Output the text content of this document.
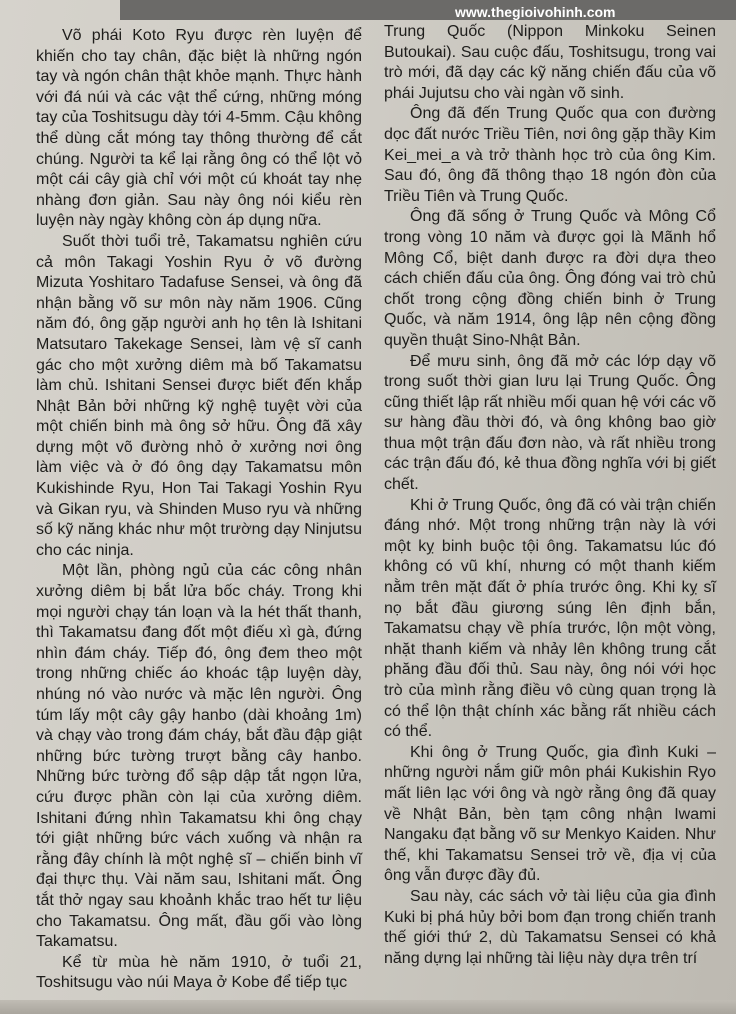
www.thegioivohinh.com

Võ phái Koto Ryu được rèn luyện để khiến cho tay chân, đặc biệt là những ngón tay và ngón chân thật khỏe mạnh. Thực hành với đá núi và các vật thể cứng, những móng tay của Toshitsugu dày tới 4-5mm. Cậu không thể dùng cắt móng tay thông thường để cắt chúng. Người ta kể lại rằng ông có thể lột vỏ một cái cây già chỉ với một cú khoát tay nhẹ nhàng đơn giản. Sau này ông nói kiểu rèn luyện này ngày không còn áp dụng nữa.

Suốt thời tuổi trẻ, Takamatsu nghiên cứu cả môn Takagi Yoshin Ryu ở võ đường Mizuta Yoshitaro Tadafuse Sensei, và ông đã nhận bằng võ sư môn này năm 1906. Cũng năm đó, ông gặp người anh họ tên là Ishitani Matsutaro Takekage Sensei, làm vệ sĩ canh gác cho một xưởng diêm mà bố Takamatsu làm chủ. Ishitani Sensei được biết đến khắp Nhật Bản bởi những kỹ nghệ tuyệt vời của một chiến binh mà ông sở hữu. Ông đã xây dựng một võ đường nhỏ ở xưởng nơi ông làm việc và ở đó ông dạy Takamatsu môn Kukishinde Ryu, Hon Tai Takagi Yoshin Ryu và Gikan ryu, và Shinden Muso ryu và những số kỹ năng khác như một trường dạy Ninjutsu cho các ninja.

Một lần, phòng ngủ của các công nhân xưởng diêm bị bắt lửa bốc cháy. Trong khi mọi người chạy tán loạn và la hét thất thanh, thì Takamatsu đang đốt một điếu xì gà, đứng nhìn đám cháy. Tiếp đó, ông đem theo một trong những chiếc áo khoác tập luyện dày, nhúng nó vào nước và mặc lên người. Ông túm lấy một cây gậy hanbo (dài khoảng 1m) và chạy vào trong đám cháy, bắt đầu đập giật những bức tường trượt bằng cây hanbo. Những bức tường đổ sập dập tắt ngọn lửa, cứu được phần còn lại của xưởng diêm. Ishitani đứng nhìn Takamatsu khi ông chạy tới giật những bức vách xuống và nhận ra rằng đây chính là một nghệ sĩ – chiến binh vĩ đại thực thụ. Vài năm sau, Ishitani mất. Ông tắt thở ngay sau khoảnh khắc trao hết tư liệu cho Takamatsu. Ông mất, đầu gối vào lòng Takamatsu.

Kể từ mùa hè năm 1910, ở tuổi 21, Toshitsugu vào núi Maya ở Kobe để tiếp tục

Trung Quốc (Nippon Minkoku Seinen Butoukai). Sau cuộc đấu, Toshitsugu, trong vai trò mới, đã dạy các kỹ năng chiến đấu của võ phái Jujutsu cho vài ngàn võ sinh.

Ông đã đến Trung Quốc qua con đường dọc đất nước Triều Tiên, nơi ông gặp thầy Kim Kei_mei_a và trở thành học trò của ông Kim. Sau đó, ông đã thông thạo 18 ngón đòn của Triều Tiên và Trung Quốc.

Ông đã sống ở Trung Quốc và Mông Cổ trong vòng 10 năm và được gọi là Mãnh hổ Mông Cổ, biệt danh được ra đời dựa theo cách chiến đấu của ông. Ông đóng vai trò chủ chốt trong cộng đồng chiến binh ở Trung Quốc, và năm 1914, ông lập nên cộng đồng quyền thuật Sino-Nhật Bản.

Để mưu sinh, ông đã mở các lớp dạy võ trong suốt thời gian lưu lại Trung Quốc. Ông cũng thiết lập rất nhiều mối quan hệ với các võ sư hàng đầu thời đó, và ông không bao giờ thua một trận đấu đơn nào, và rất nhiều trong các trận đấu đó, kẻ thua đồng nghĩa với bị giết chết.

Khi ở Trung Quốc, ông đã có vài trận chiến đáng nhớ. Một trong những trận này là với một kỵ binh buộc tội ông. Takamatsu lúc đó không có vũ khí, nhưng có một thanh kiếm nằm trên mặt đất ở phía trước ông. Khi kỵ sĩ nọ bắt đầu giương súng lên định bắn, Takamatsu chạy về phía trước, lộn một vòng, nhặt thanh kiếm và nhảy lên không trung cắt phăng đầu đối thủ. Sau này, ông nói với học trò của mình rằng điều vô cùng quan trọng là có thể lộn thật chính xác bằng rất nhiều cách có thể.

Khi ông ở Trung Quốc, gia đình Kuki – những người nắm giữ môn phái Kukishin Ryo mất liên lạc với ông và ngờ rằng ông đã quay về Nhật Bản, bèn tạm công nhận Iwami Nangaku đạt bằng võ sư Menkyo Kaiden. Như thế, khi Takamatsu Sensei trở về, địa vị của ông vẫn được đầy đủ.

Sau này, các sách vở tài liệu của gia đình Kuki bị phá hủy bởi bom đạn trong chiến tranh thế giới thứ 2, dù Takamatsu Sensei có khả năng dựng lại những tài liệu này dựa trên trí
